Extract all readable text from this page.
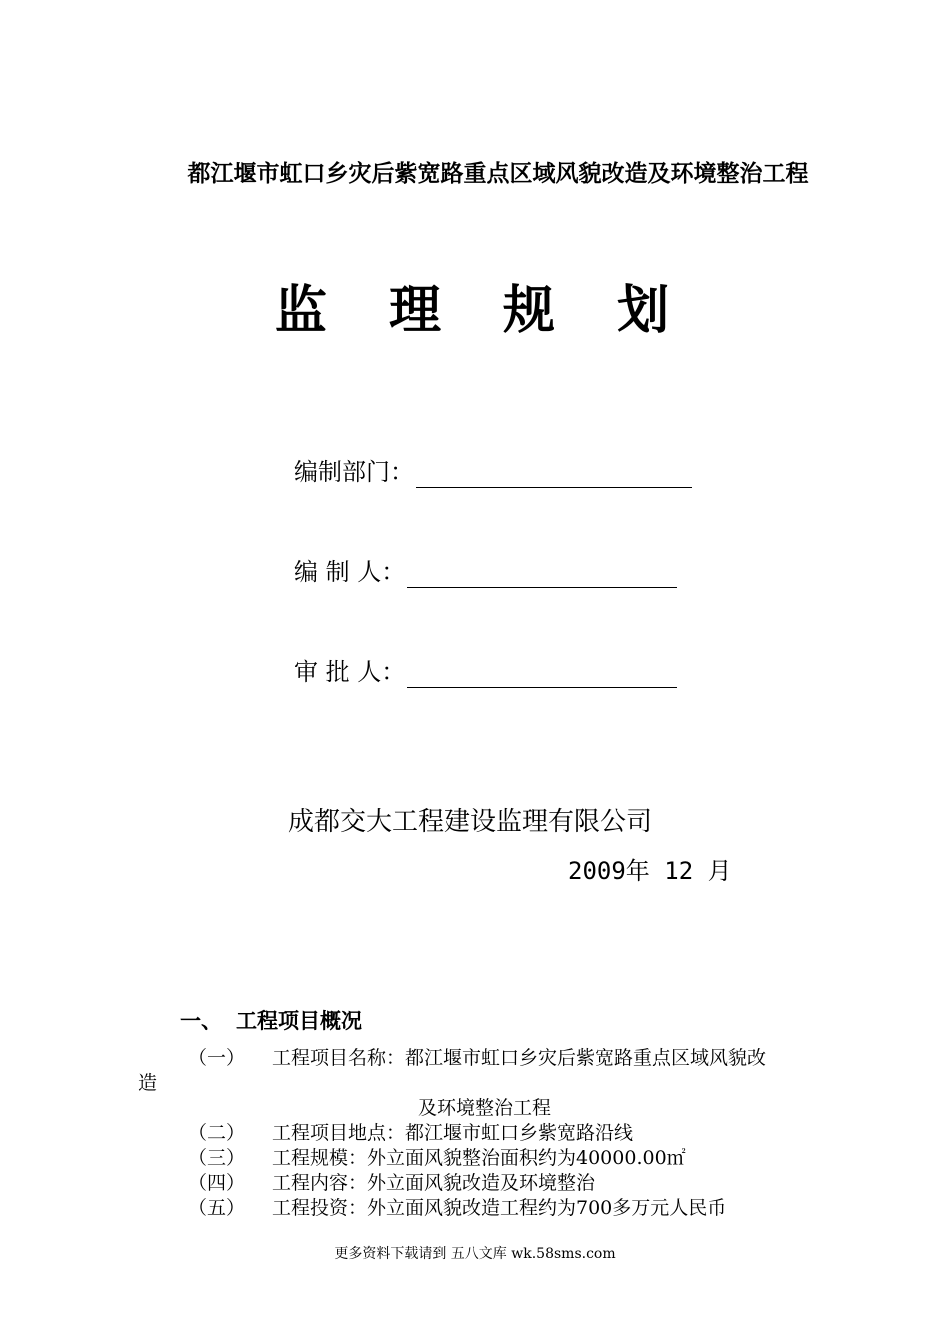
都江堰市虹口乡灾后紫宽路重点区域风貌改造及环境整治工程
监 理 规 划
编制部门：
编 制 人：
审 批 人：
成都交大工程建设监理有限公司
2009年 12 月
一、 工程项目概况
（一） 工程项目名称：都江堰市虹口乡灾后紫宽路重点区域风貌改
造
及环境整治工程
（二） 工程项目地点：都江堰市虹口乡紫宽路沿线
（三） 工程规模：外立面风貌整治面积约为40000.00㎡
（四） 工程内容：外立面风貌改造及环境整治
（五） 工程投资：外立面风貌改造工程约为700多万元人民币
更多资料下载请到 五八文库 wk.58sms.com
